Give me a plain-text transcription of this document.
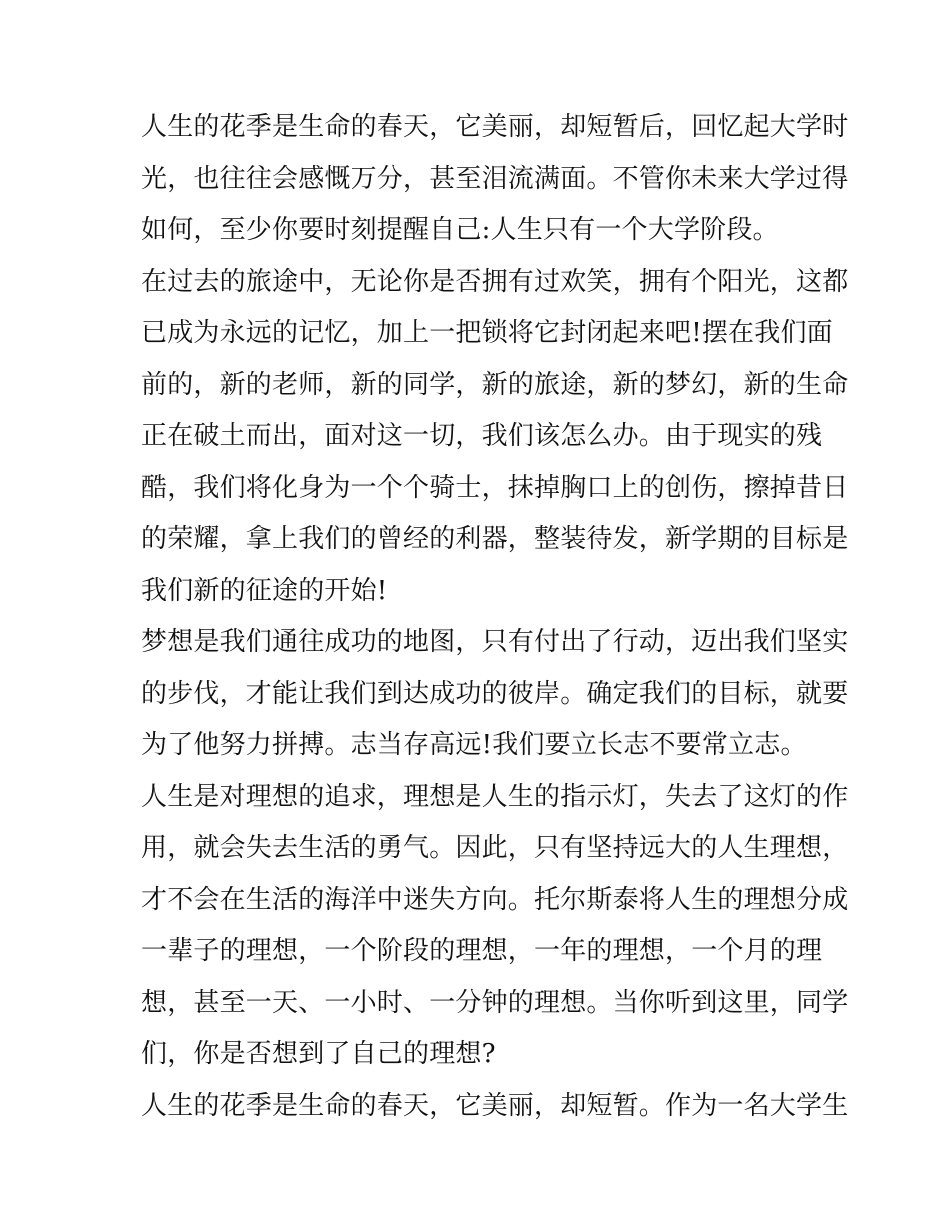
人生的花季是生命的春天，它美丽，却短暂后，回忆起大学时
光，也往往会感慨万分，甚至泪流满面。不管你未来大学过得
如何，至少你要时刻提醒自己:人生只有一个大学阶段。
在过去的旅途中，无论你是否拥有过欢笑，拥有个阳光，这都
已成为永远的记忆，加上一把锁将它封闭起来吧!摆在我们面
前的，新的老师，新的同学，新的旅途，新的梦幻，新的生命
正在破土而出，面对这一切，我们该怎么办。由于现实的残
酷，我们将化身为一个个骑士，抹掉胸口上的创伤，擦掉昔日
的荣耀，拿上我们的曾经的利器，整装待发，新学期的目标是
我们新的征途的开始!
梦想是我们通往成功的地图，只有付出了行动，迈出我们坚实
的步伐，才能让我们到达成功的彼岸。确定我们的目标，就要
为了他努力拼搏。志当存高远!我们要立长志不要常立志。
人生是对理想的追求，理想是人生的指示灯，失去了这灯的作
用，就会失去生活的勇气。因此，只有坚持远大的人生理想，
才不会在生活的海洋中迷失方向。托尔斯泰将人生的理想分成
一辈子的理想，一个阶段的理想，一年的理想，一个月的理
想，甚至一天、一小时、一分钟的理想。当你听到这里，同学
们，你是否想到了自己的理想?
人生的花季是生命的春天，它美丽，却短暂。作为一名大学生
